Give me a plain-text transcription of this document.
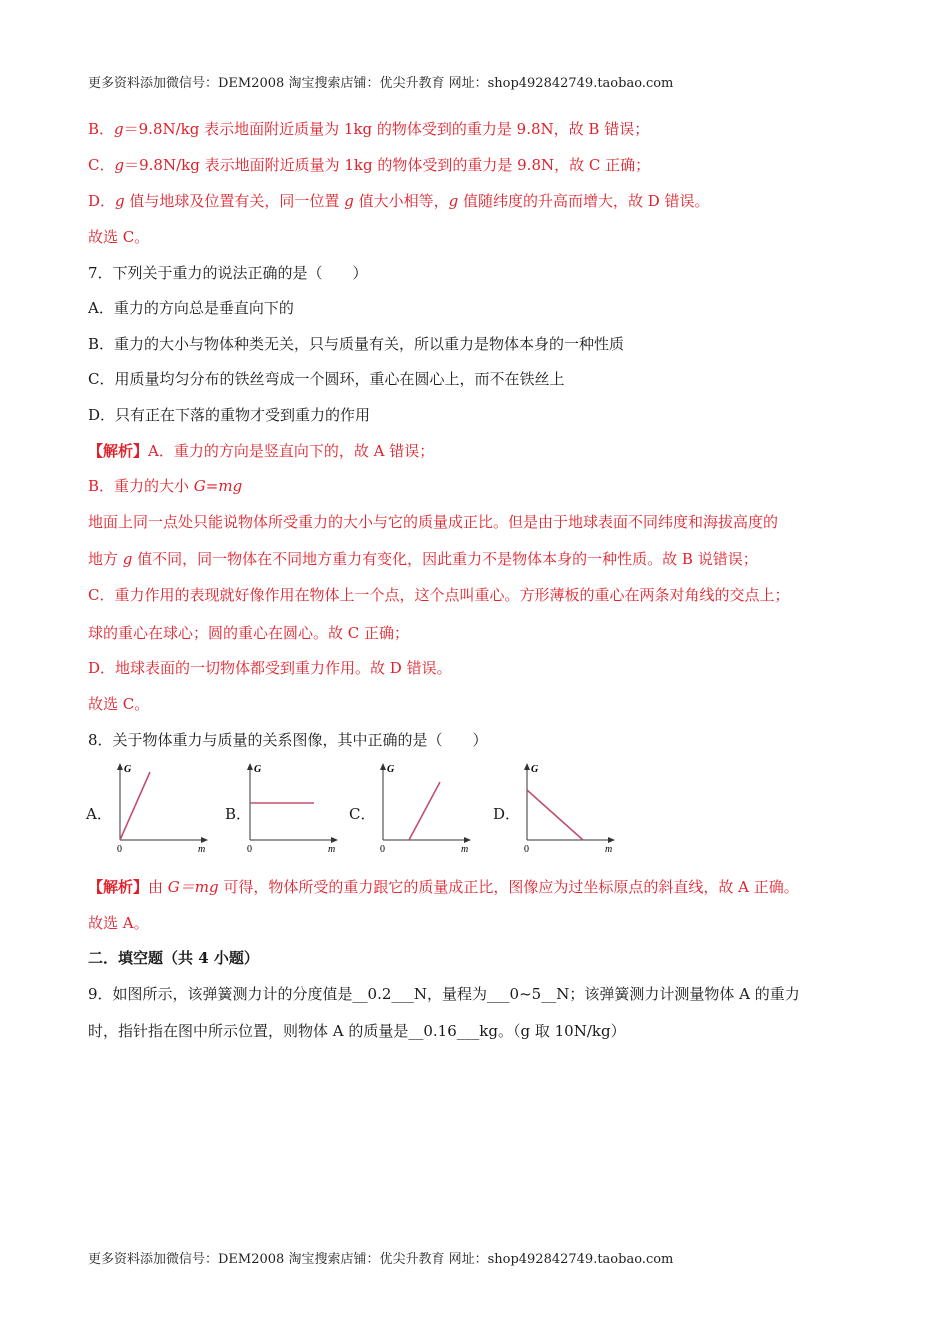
更多资料添加微信号：DEM2008 淘宝搜索店铺：优尖升教育 网址：shop492842749.taobao.com
B．g＝9.8N/kg 表示地面附近质量为 1kg 的物体受到的重力是 9.8N，故 B 错误；
C．g＝9.8N/kg 表示地面附近质量为 1kg 的物体受到的重力是 9.8N，故 C 正确；
D．g 值与地球及位置有关，同一位置 g 值大小相等，g 值随纬度的升高而增大，故 D 错误。
故选 C。
7．下列关于重力的说法正确的是（　　）
A．重力的方向总是垂直向下的
B．重力的大小与物体种类无关，只与质量有关，所以重力是物体本身的一种性质
C．用质量均匀分布的铁丝弯成一个圆环，重心在圆心上，而不在铁丝上
D．只有正在下落的重物才受到重力的作用
【解析】A．重力的方向是竖直向下的，故 A 错误；
B．重力的大小 G=mg
地面上同一点处只能说物体所受重力的大小与它的质量成正比。但是由于地球表面不同纬度和海拔高度的
地方 g 值不同，同一物体在不同地方重力有变化，因此重力不是物体本身的一种性质。故 B 说错误；
C．重力作用的表现就好像作用在物体上一个点，这个点叫重心。方形薄板的重心在两条对角线的交点上；
球的重心在球心；圆的重心在圆心。故 C 正确；
D．地球表面的一切物体都受到重力作用。故 D 错误。
故选 C。
8．关于物体重力与质量的关系图像，其中正确的是（　　）
A．	B．	C．	D．
G
0	m
G
0	m
G
0	m
G
0	m
【解析】由 G＝mg 可得，物体所受的重力跟它的质量成正比，图像应为过坐标原点的斜直线，故 A 正确。
故选 A。
二．填空题（共 4 小题）
9．如图所示，该弹簧测力计的分度值是__0.2___N，量程为___0~5__N；该弹簧测力计测量物体 A 的重力
时，指针指在图中所示位置，则物体 A 的质量是__0.16___kg。（g 取 10N/kg）
更多资料添加微信号：DEM2008 淘宝搜索店铺：优尖升教育 网址：shop492842749.taobao.com
